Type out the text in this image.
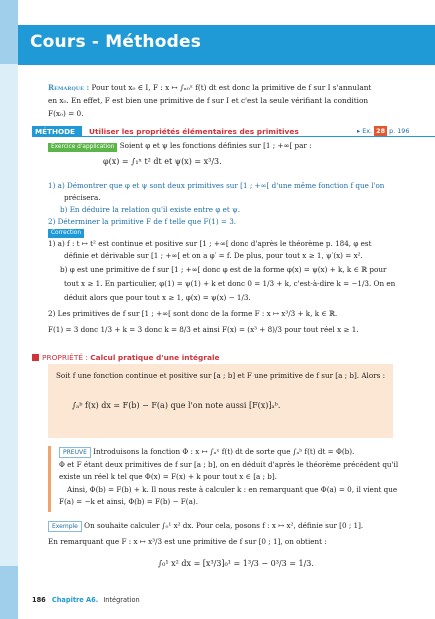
Cours - Méthodes
Remarque : Pour tout x₀ ∈ I, F : x ↦ ∫ₓ₀ˣ f(t) dt est donc la primitive de f sur I s'annulant
en x₀. En effet, F est bien une primitive de f sur I et c'est la seule vérifiant la condition
F(x₀) = 0.
MÉTHODE 1
Utiliser les propriétés élémentaires des primitives	▸ Ex. 28 p. 196
Exercice d'application Soient φ et ψ les fonctions définies sur [1 ; +∞[ par :
φ(x) = ∫₁ˣ t² dt et ψ(x) = x³/3.
1) a) Démontrer que φ et ψ sont deux primitives sur [1 ; +∞[ d'une même fonction f que l'on
précisera.
b) En déduire la relation qu'il existe entre φ et ψ.
2) Déterminer la primitive F de f telle que F(1) = 3.
Correction
1) a) f : t ↦ t² est continue et positive sur [1 ; +∞[ donc d'après le théorème p. 184, φ est
définie et dérivable sur [1 ; +∞[ et on a φ′ = f. De plus, pour tout x ≥ 1, ψ′(x) = x².
b) φ est une primitive de f sur [1 ; +∞[ donc φ est de la forme φ(x) = ψ(x) + k, k ∈ ℝ pour
tout x ≥ 1. En particulier, φ(1) = ψ(1) + k et donc 0 = 1/3 + k, c'est-à-dire k = −1/3. On en
déduit alors que pour tout x ≥ 1, φ(x) = ψ(x) − 1/3.
2) Les primitives de f sur [1 ; +∞[ sont donc de la forme F : x ↦ x³/3 + k, k ∈ ℝ.
F(1) = 3 donc 1/3 + k = 3 donc k = 8/3 et ainsi F(x) = (x³ + 8)/3 pour tout réel x ≥ 1.
PROPRIÉTÉ : Calcul pratique d'une intégrale
Soit f une fonction continue et positive sur [a ; b] et F une primitive de f sur [a ; b]. Alors :
∫ₐᵇ f(x) dx = F(b) − F(a) que l'on note aussi [F(x)]ₐᵇ.
PREUVE Introduisons la fonction Φ : x ↦ ∫ₐˣ f(t) dt de sorte que ∫ₐᵇ f(t) dt = Φ(b).
Φ et F étant deux primitives de f sur [a ; b], on en déduit d'après le théorème précédent qu'il
existe un réel k tel que Φ(x) = F(x) + k pour tout x ∈ [a ; b].
Ainsi, Φ(b) = F(b) + k. Il nous reste à calculer k : en remarquant que Φ(a) = 0, il vient que
F(a) = −k et ainsi, Φ(b) = F(b) − F(a).
Exemple On souhaite calculer ∫₀¹ x² dx. Pour cela, posons f : x ↦ x², définie sur [0 ; 1].
En remarquant que F : x ↦ x³/3 est une primitive de f sur [0 ; 1], on obtient :
∫₀¹ x² dx = [x³/3]₀¹ = 1³/3 − 0³/3 = 1/3.
186 Chapitre A6. Intégration
